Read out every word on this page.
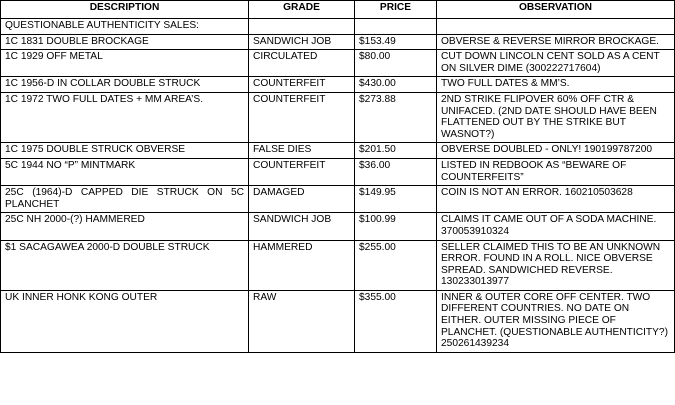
DESCRIPTION	GRADE	PRICE	OBSERVATION
QUESTIONABLE AUTHENTICITY SALES:			
1C 1831 DOUBLE BROCKAGE	SANDWICH JOB	$153.49	OBVERSE & REVERSE MIRROR BROCKAGE.
1C 1929 OFF METAL	CIRCULATED	$80.00	CUT DOWN LINCOLN CENT SOLD AS A CENT ON SILVER DIME (300222717604)
1C 1956-D IN COLLAR DOUBLE STRUCK	COUNTERFEIT	$430.00	TWO FULL DATES & MM’S.
1C 1972 TWO FULL DATES + MM AREA’S.	COUNTERFEIT	$273.88	2ND STRIKE FLIPOVER 60% OFF CTR & UNIFACED. (2ND DATE SHOULD HAVE BEEN FLATTENED OUT BY THE STRIKE BUT WASNOT?)
1C 1975 DOUBLE STRUCK OBVERSE	FALSE DIES	$201.50	OBVERSE DOUBLED - ONLY! 190199787200
5C 1944 NO “P” MINTMARK	COUNTERFEIT	$36.00	LISTED IN REDBOOK AS “BEWARE OF COUNTERFEITS”
25C (1964)-D CAPPED DIE STRUCK ON 5C PLANCHET	DAMAGED	$149.95	COIN IS NOT AN ERROR. 160210503628
25C NH 2000-(?) HAMMERED	SANDWICH JOB	$100.99	CLAIMS IT CAME OUT OF A SODA MACHINE. 370053910324
$1 SACAGAWEA 2000-D DOUBLE STRUCK	HAMMERED	$255.00	SELLER CLAIMED THIS TO BE AN UNKNOWN ERROR. FOUND IN A ROLL. NICE OBVERSE SPREAD. SANDWICHED REVERSE. 130233013977
UK INNER HONK KONG OUTER	RAW	$355.00	INNER & OUTER CORE OFF CENTER. TWO DIFFERENT COUNTRIES. NO DATE ON EITHER. OUTER MISSING PIECE OF PLANCHET. (QUESTIONABLE AUTHENTICITY?) 250261439234
